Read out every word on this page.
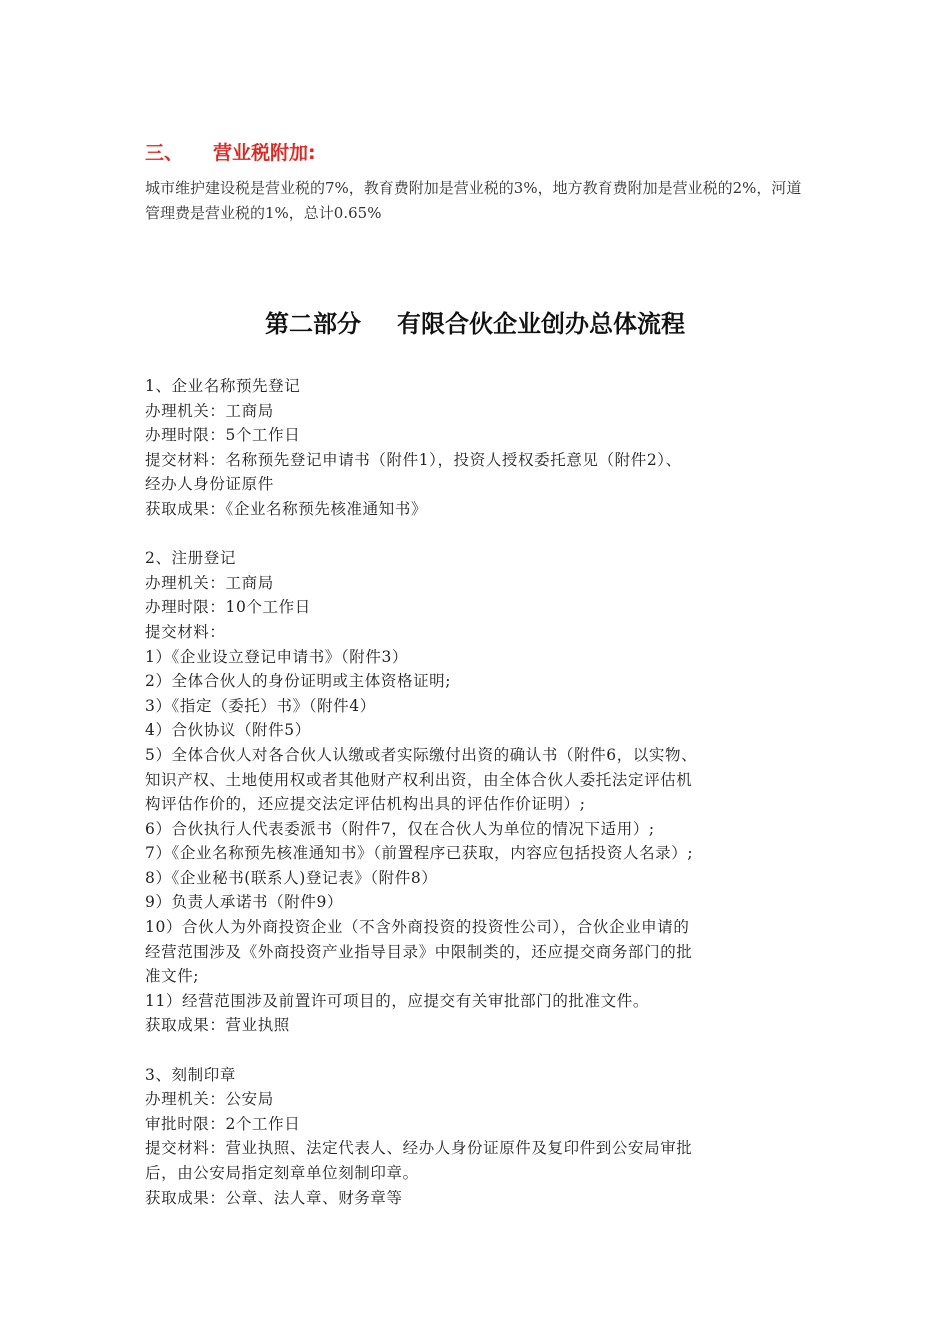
三、 营业税附加:
城市维护建设税是营业税的7%，教育费附加是营业税的3%，地方教育费附加是营业税的2%，河道管理费是营业税的1%，总计0.65%
第二部分 有限合伙企业创办总体流程
1、企业名称预先登记
办理机关：工商局
办理时限：5个工作日
提交材料：名称预先登记申请书（附件1），投资人授权委托意见（附件2）、
经办人身份证原件
获取成果：《企业名称预先核准通知书》
2、注册登记
办理机关：工商局
办理时限：10个工作日
提交材料：
1）《企业设立登记申请书》（附件3）
2）全体合伙人的身份证明或主体资格证明;
3）《指定（委托）书》（附件4）
4）合伙协议（附件5）
5）全体合伙人对各合伙人认缴或者实际缴付出资的确认书（附件6，以实物、
知识产权、土地使用权或者其他财产权利出资，由全体合伙人委托法定评估机
构评估作价的，还应提交法定评估机构出具的评估作价证明）;
6）合伙执行人代表委派书（附件7，仅在合伙人为单位的情况下适用）;
7）《企业名称预先核准通知书》（前置程序已获取，内容应包括投资人名录）;
8）《企业秘书(联系人)登记表》（附件8）
9）负责人承诺书（附件9）
10）合伙人为外商投资企业（不含外商投资的投资性公司），合伙企业申请的
经营范围涉及《外商投资产业指导目录》中限制类的，还应提交商务部门的批
准文件;
11）经营范围涉及前置许可项目的，应提交有关审批部门的批准文件。
获取成果：营业执照
3、刻制印章
办理机关：公安局
审批时限：2个工作日
提交材料：营业执照、法定代表人、经办人身份证原件及复印件到公安局审批
后，由公安局指定刻章单位刻制印章。
获取成果：公章、法人章、财务章等
